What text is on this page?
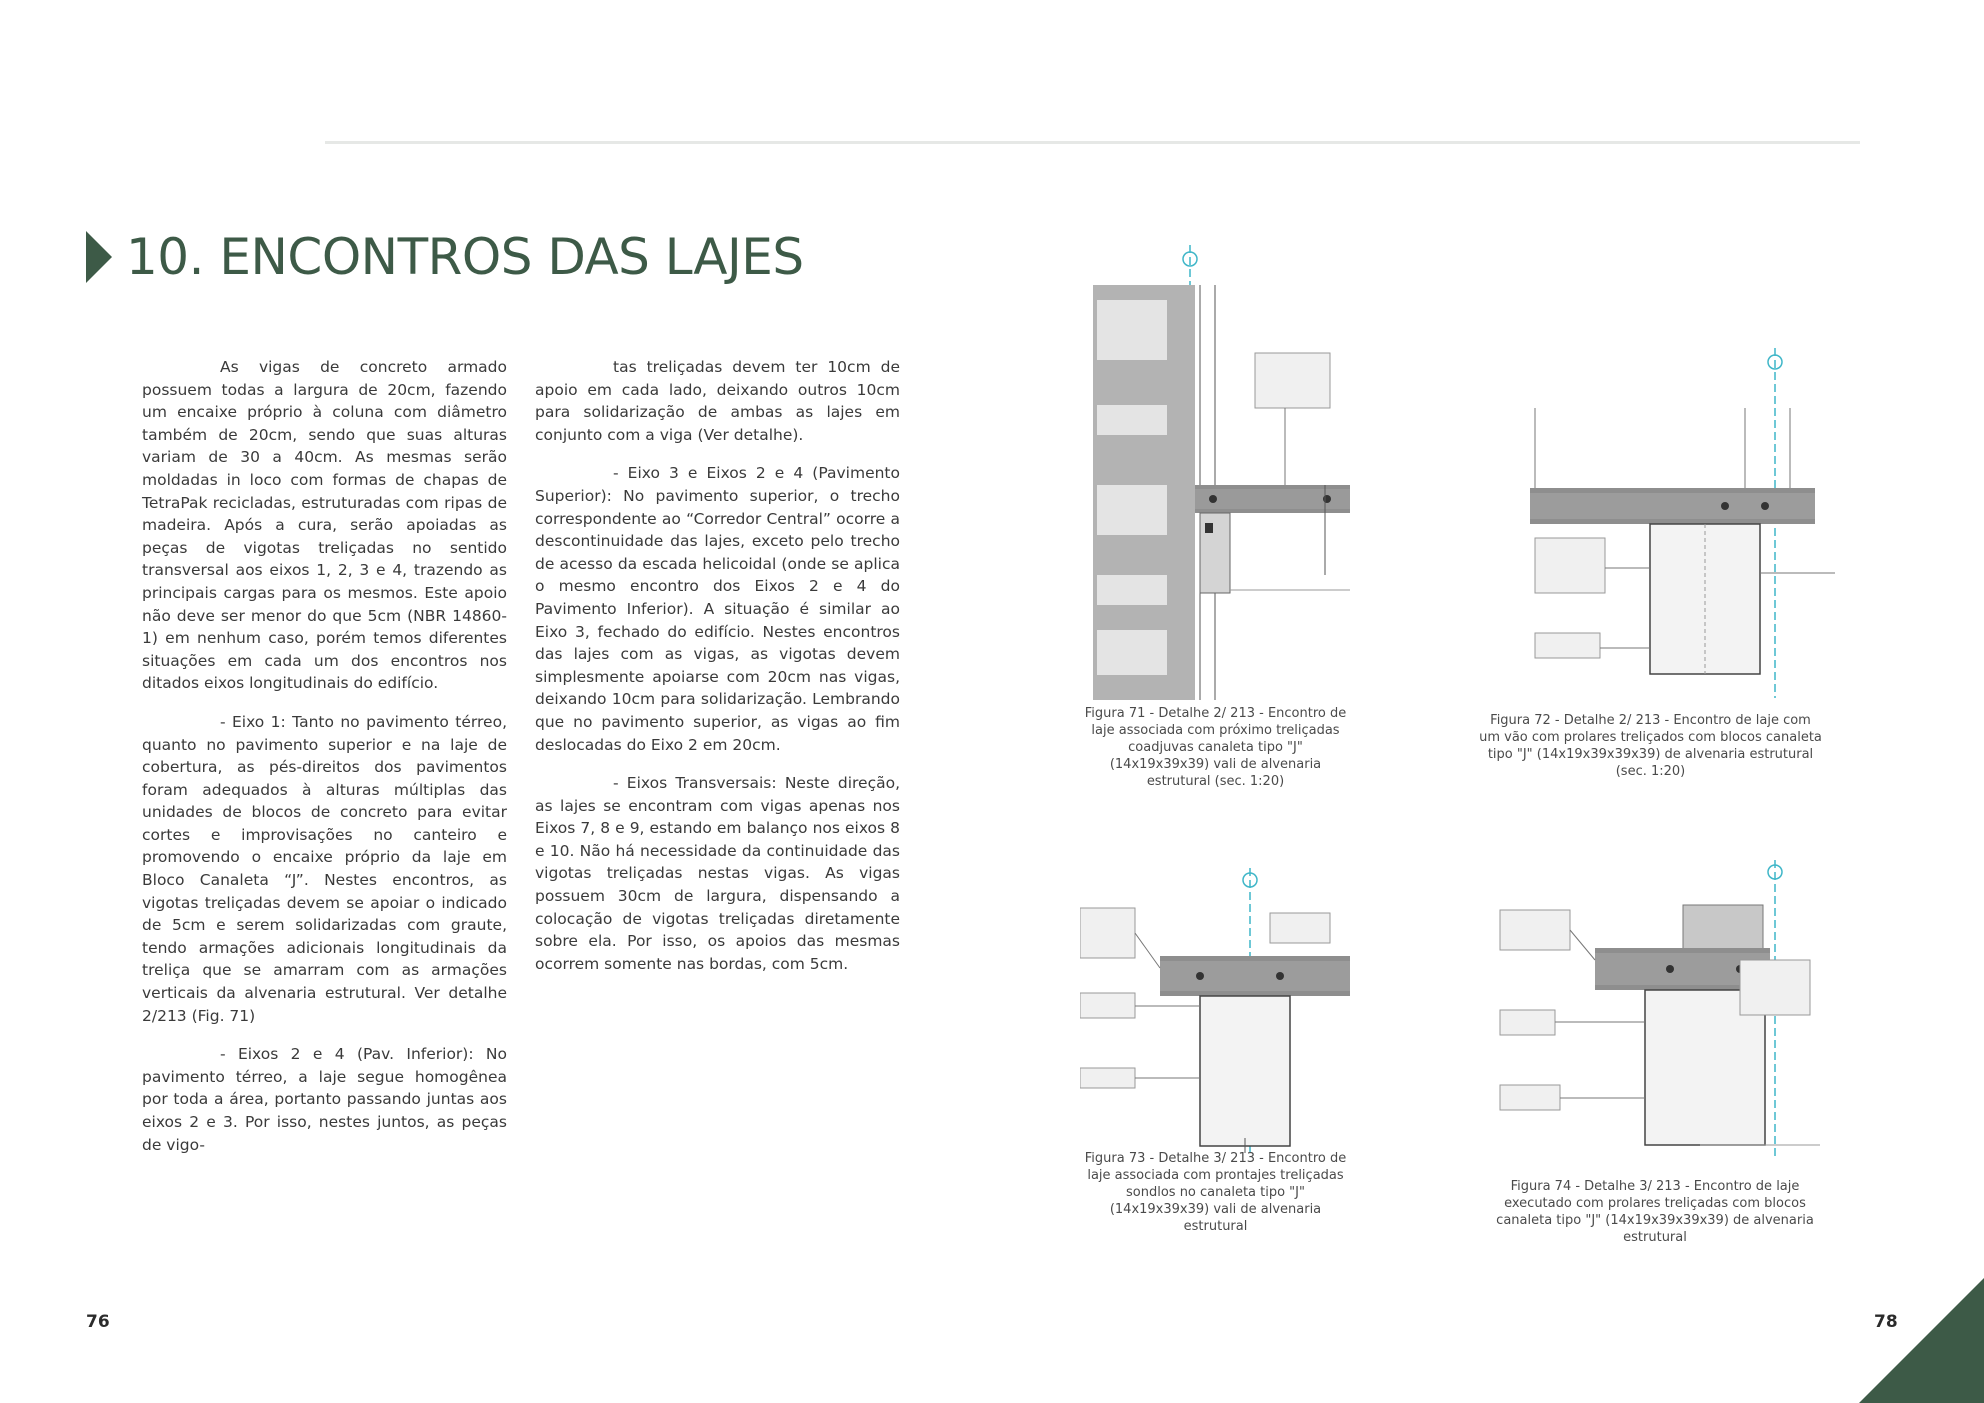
10. ENCONTROS DAS LAJES

As vigas de concreto armado possuem todas a largura de 20cm, fazendo um encaixe próprio à coluna com diâmetro também de 20cm, sendo que suas alturas variam de 30 a 40cm. As mesmas serão moldadas in loco com formas de chapas de TetraPak recicladas, estruturadas com ripas de madeira. Após a cura, serão apoiadas as peças de vigotas treliçadas no sentido transversal aos eixos 1, 2, 3 e 4, trazendo as principais cargas para os mesmos. Este apoio não deve ser menor do que 5cm (NBR 14860-1) em nenhum caso, porém temos diferentes situações em cada um dos encontros nos ditados eixos longitudinais do edifício.

- Eixo 1: Tanto no pavimento térreo, quanto no pavimento superior e na laje de cobertura, as pés-direitos dos pavimentos foram adequados à alturas múltiplas das unidades de blocos de concreto para evitar cortes e improvisações no canteiro e promovendo o encaixe próprio da laje em Bloco Canaleta “J”. Nestes encontros, as vigotas treliçadas devem se apoiar o indicado de 5cm e serem solidarizadas com graute, tendo armações adicionais longitudinais da treliça que se amarram com as armações verticais da alvenaria estrutural. Ver detalhe 2/213 (Fig. 71)

- Eixos 2 e 4 (Pav. Inferior): No pavimento térreo, a laje segue homogênea por toda a área, portanto passando juntas aos eixos 2 e 3. Por isso, nestes juntos, as peças de vigo-

tas treliçadas devem ter 10cm de apoio em cada lado, deixando outros 10cm para solidarização de ambas as lajes em conjunto com a viga (Ver detalhe).

- Eixo 3 e Eixos 2 e 4 (Pavimento Superior): No pavimento superior, o trecho correspondente ao “Corredor Central” ocorre a descontinuidade das lajes, exceto pelo trecho de acesso da escada helicoidal (onde se aplica o mesmo encontro dos Eixos 2 e 4 do Pavimento Inferior). A situação é similar ao Eixo 3, fechado do edifício. Nestes encontros das lajes com as vigas, as vigotas devem simplesmente apoiarse com 20cm nas vigas, deixando 10cm para solidarização. Lembrando que no pavimento superior, as vigas ao fim deslocadas do Eixo 2 em 20cm.

- Eixos Transversais: Neste direção, as lajes se encontram com vigas apenas nos Eixos 7, 8 e 9, estando em balanço nos eixos 8 e 10. Não há necessidade da continuidade das vigotas treliçadas nestas vigas. As vigas possuem 30cm de largura, dispensando a colocação de vigotas treliçadas diretamente sobre ela. Por isso, os apoios das mesmas ocorrem somente nas bordas, com 5cm.

Figura 71 - Detalhe 2/ 213 - Encontro de laje associada com próximo treliçadas coadjuvas canaleta tipo "J" (14x19x39x39) vali de alvenaria estrutural (sec. 1:20)
Figura 72 - Detalhe 2/ 213 - Encontro de laje com um vão com prolares treliçados com blocos canaleta tipo "J" (14x19x39x39x39) de alvenaria estrutural (sec. 1:20)
Figura 73 - Detalhe 3/ 213 - Encontro de laje associada com prontajes treliçadas sondlos no canaleta tipo "J" (14x19x39x39) vali de alvenaria estrutural
Figura 74 - Detalhe 3/ 213 - Encontro de laje executado com prolares treliçadas com blocos canaleta tipo "J" (14x19x39x39x39) de alvenaria estrutural
76	78
